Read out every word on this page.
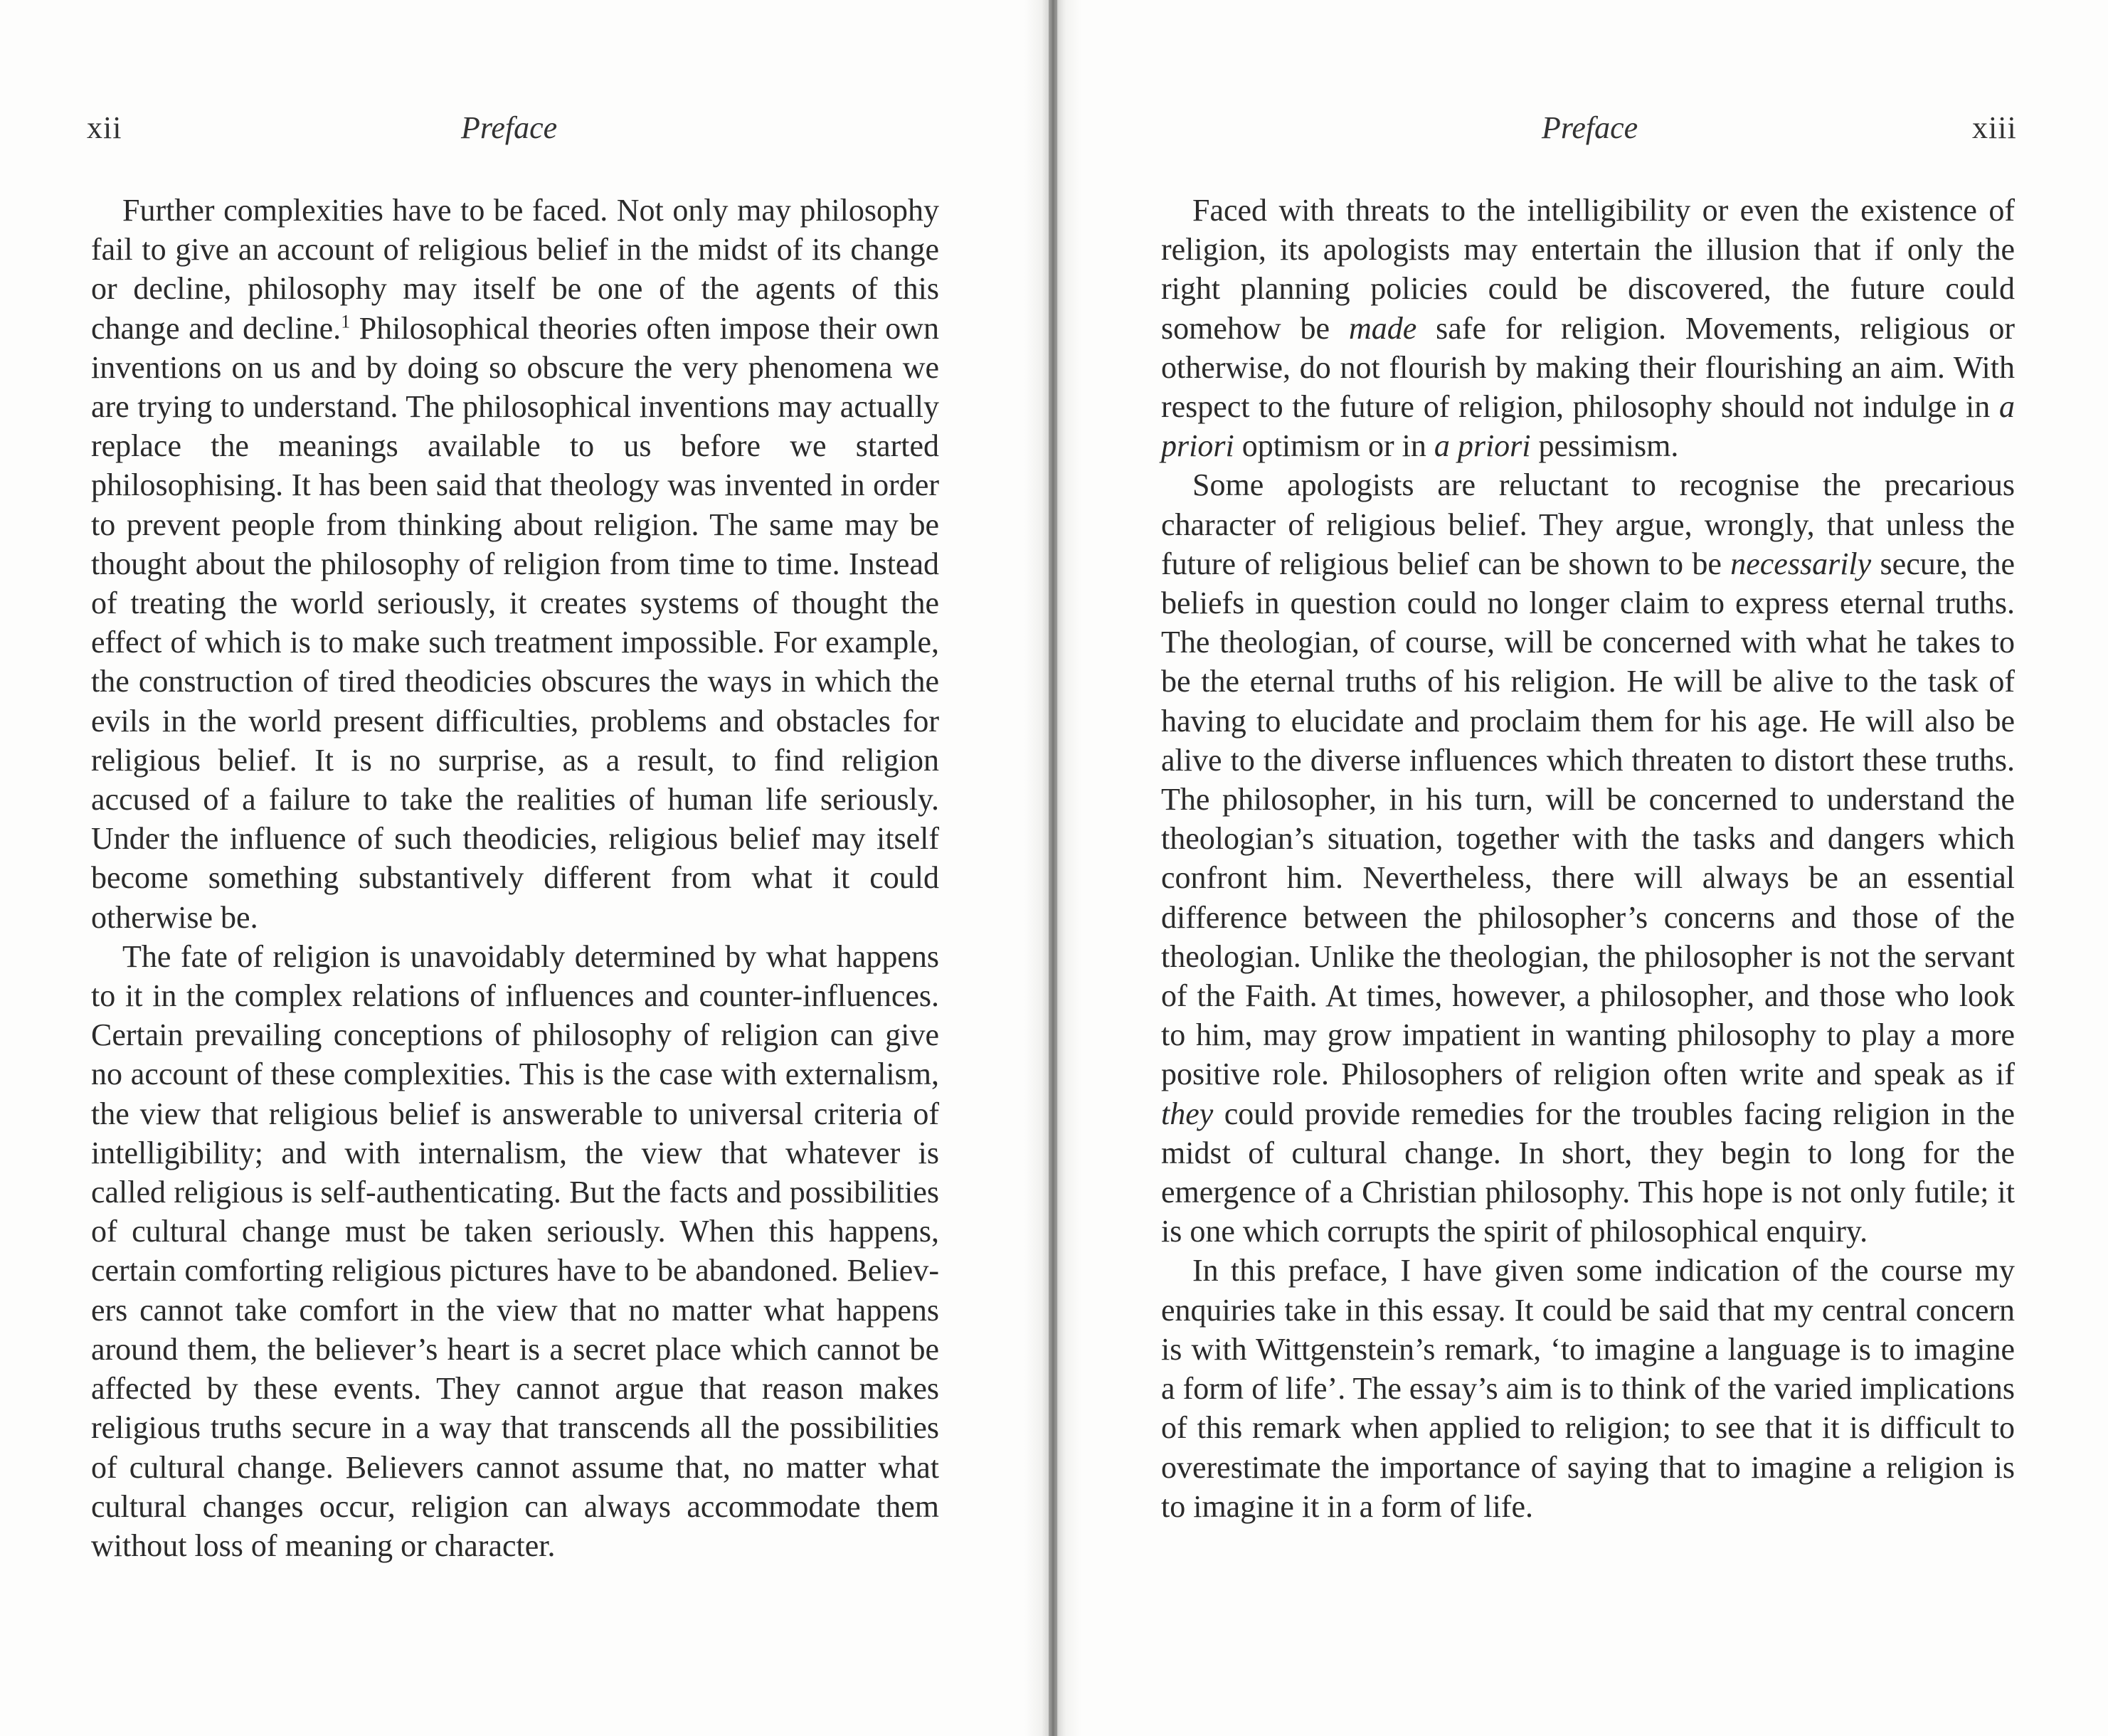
xii	Preface	Preface	xiii

Further complexities have to be faced. Not only may philosophy fail to give an account of religious belief in the midst of its change or decline, philosophy may itself be one of the agents of this change and decline.$^1$ Philosophical theories often impose their own inventions on us and by doing so obscure the very phenomena we are trying to understand. The philosophical inventions may actually replace the meanings available to us before we started philosophising. It has been said that theology was invented in order to prevent people from thinking about religion. The same may be thought about the philosophy of religion from time to time. Instead of treating the world seriously, it creates systems of thought the effect of which is to make such treatment impossible. For example, the construction of tired theodicies obscures the ways in which the evils in the world present difficulties, problems and obstacles for religious belief. It is no surprise, as a result, to find religion accused of a failure to take the realities of human life seriously. Under the influence of such theodicies, religious belief may itself become something substantively different from what it could otherwise be.

The fate of religion is unavoidably determined by what happens to it in the complex relations of influences and counter-influences. Certain prevailing conceptions of philosophy of religion can give no account of these complexities. This is the case with externalism, the view that religious belief is answerable to universal criteria of intelligibility; and with internalism, the view that whatever is called religious is self-authenticating. But the facts and possibilities of cultural change must be taken seriously. When this happens, certain comforting religious pictures have to be abandoned. Believers cannot take comfort in the view that no matter what happens around them, the believer’s heart is a secret place which cannot be affected by these events. They cannot argue that reason makes religious truths secure in a way that transcends all the possibilities of cultural change. Believers cannot assume that, no matter what cultural changes occur, religion can always accommodate them without loss of meaning or character.

Faced with threats to the intelligibility or even the existence of religion, its apologists may entertain the illusion that if only the right planning policies could be discovered, the future could somehow be made safe for religion. Movements, religious or otherwise, do not flourish by making their flourishing an aim. With respect to the future of religion, philosophy should not indulge in a priori optimism or in a priori pessimism.

Some apologists are reluctant to recognise the precarious character of religious belief. They argue, wrongly, that unless the future of religious belief can be shown to be necessarily secure, the beliefs in question could no longer claim to express eternal truths. The theologian, of course, will be concerned with what he takes to be the eternal truths of his religion. He will be alive to the task of having to elucidate and proclaim them for his age. He will also be alive to the diverse influences which threaten to distort these truths. The philosopher, in his turn, will be concerned to understand the theologian’s situation, together with the tasks and dangers which confront him. Nevertheless, there will always be an essential difference between the philosopher’s concerns and those of the theologian. Unlike the theologian, the philosopher is not the servant of the Faith. At times, however, a philosopher, and those who look to him, may grow impatient in wanting philosophy to play a more positive role. Philosophers of religion often write and speak as if they could provide remedies for the troubles facing religion in the midst of cultural change. In short, they begin to long for the emergence of a Christian philosophy. This hope is not only futile; it is one which corrupts the spirit of philosophical enquiry.

In this preface, I have given some indication of the course my enquiries take in this essay. It could be said that my central concern is with Wittgenstein’s remark, ‘to imagine a language is to imagine a form of life’. The essay’s aim is to think of the varied implications of this remark when applied to religion; to see that it is difficult to overestimate the importance of saying that to imagine a religion is to imagine it in a form of life.
